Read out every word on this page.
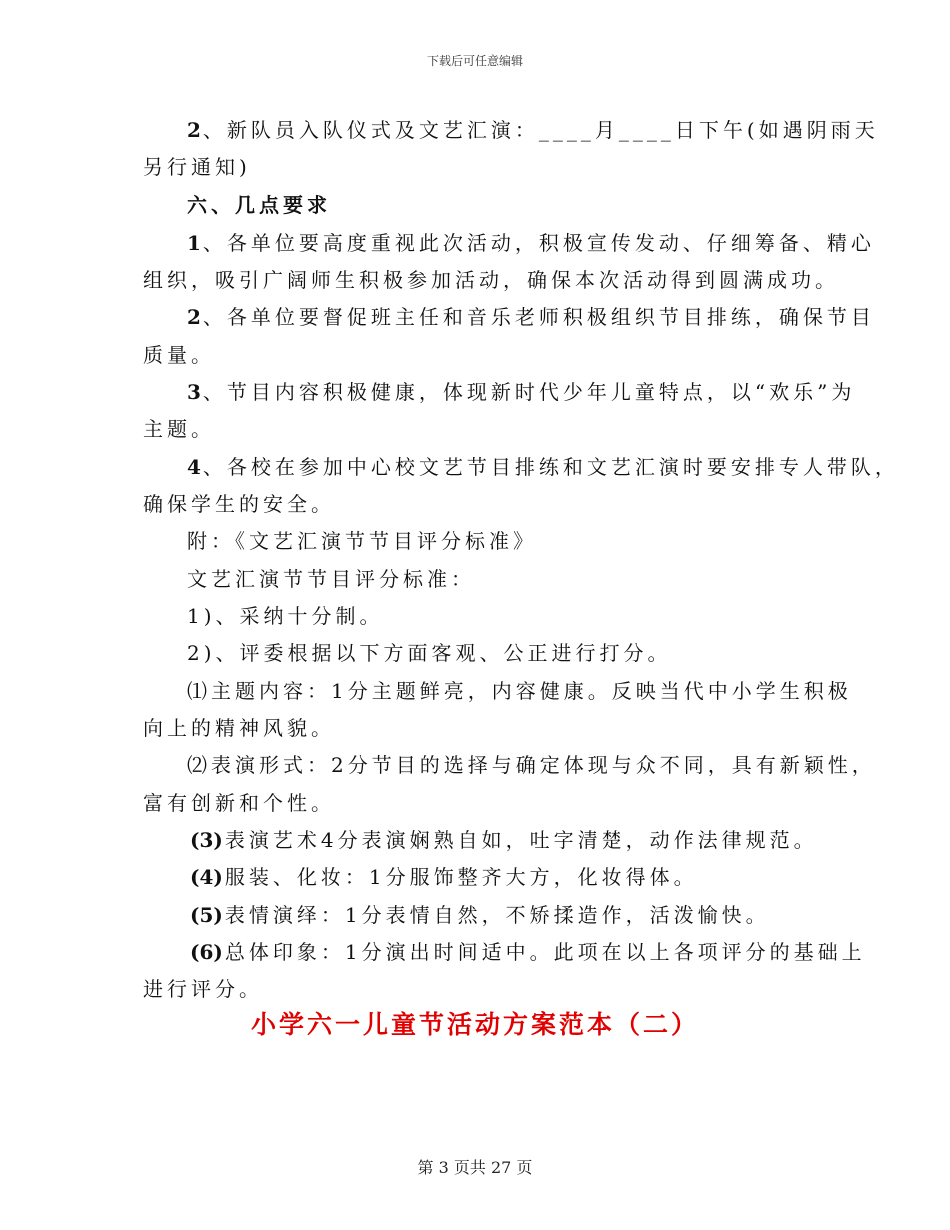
下载后可任意编辑
2 、新队员入队仪式及文艺汇演：____月____日下午(如遇阴雨天
另行通知)
六、几点要求
1 、各单位要高度重视此次活动，积极宣传发动、仔细筹备、精心
组织，吸引广阔师生积极参加活动，确保本次活动得到圆满成功。
2 、各单位要督促班主任和音乐老师积极组织节目排练，确保节目
质量。
3 、节目内容积极健康，体现新时代少年儿童特点，以“欢乐”为
主题。
4 、各校在参加中心校文艺节目排练和文艺汇演时要安排专人带队，
确保学生的安全。
附：《文艺汇演节节目评分标准》
文艺汇演节节目评分标准：
1)、采纳十分制。
2)、评委根据以下方面客观、公正进行打分。
⑴主题内容：1分主题鲜亮，内容健康。反映当代中小学生积极
向上的精神风貌。
⑵表演形式：2分节目的选择与确定体现与众不同，具有新颖性，
富有创新和个性。
(3) 表演艺术4分表演娴熟自如，吐字清楚，动作法律规范。
(4) 服装、化妆：1分服饰整齐大方，化妆得体。
(5) 表情演绎：1分表情自然，不矫揉造作，活泼愉快。
(6) 总体印象：1分演出时间适中。此项在以上各项评分的基础上
进行评分。
小学六一儿童节活动方案范本（二）
第 3 页共 27 页
